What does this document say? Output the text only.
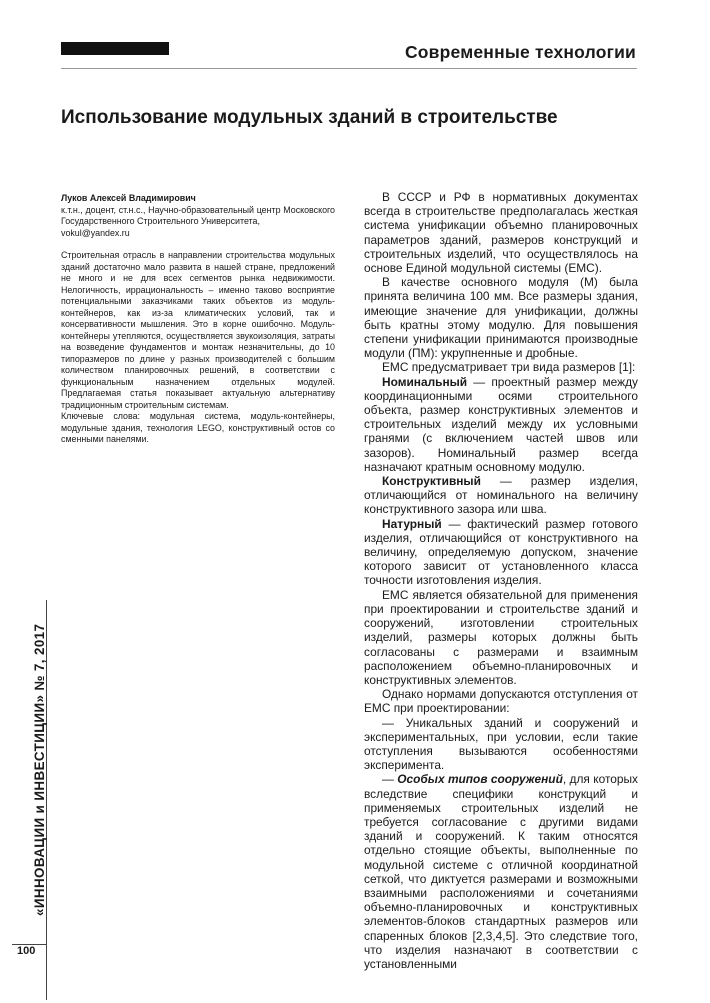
Современные технологии
Использование модульных зданий в строительстве

Луков Алексей Владимирович

к.т.н., доцент, ст.н.с., Научно-образовательный центр Московского Государственного Строительного Университета,

vokul@yandex.ru

Строительная отрасль в направлении строительства модульных зданий достаточно мало развита в нашей стране, предложений не много и не для всех сегментов рынка недвижимости. Нелогичность, иррациональность – именно таково восприятие потенциальными заказчиками таких объектов из модуль-контейнеров, как из-за климатических условий, так и консервативности мышления. Это в корне ошибочно. Модуль-контейнеры утепляются, осуществляется звукоизоляция, затраты на возведение фундаментов и монтаж незначительны, до 10 типоразмеров по длине у разных производителей с большим количеством планировочных решений, в соответствии с функциональным назначением отдельных модулей. Предлагаемая статья показывает актуальную альтернативу традиционным строительным системам.

Ключевые слова: модульная система, модуль-контейнеры, модульные здания, технология LEGO, конструктивный остов со сменными панелями.

В СССР и РФ в нормативных документах всегда в строительстве предполагалась жесткая система унификации объемно планировочных параметров зданий, размеров конструкций и строительных изделий, что осуществлялось на основе Единой модульной системы (ЕМС).

В качестве основного модуля (М) была принята величина 100 мм. Все размеры здания, имеющие значение для унификации, должны быть кратны этому модулю. Для повышения степени унификации принимаются производные модули (ПМ): укрупненные и дробные.

ЕМС предусматривает три вида размеров [1]:

Номинальный — проектный размер между координационными осями строительного объекта, размер конструктивных элементов и строительных изделий между их условными гранями (с включением частей швов или зазоров). Номинальный размер всегда назначают кратным основному модулю.

Конструктивный — размер изделия, отличающийся от номинального на величину конструктивного зазора или шва.

Натурный — фактический размер готового изделия, отличающийся от конструктивного на величину, определяемую допуском, значение которого зависит от установленного класса точности изготовления изделия.

ЕМС является обязательной для применения при проектировании и строительстве зданий и сооружений, изготовлении строительных изделий, размеры которых должны быть согласованы с размерами и взаимным расположением объемно-планировочных и конструктивных элементов.

Однако нормами допускаются отступления от ЕМС при проектировании:

— Уникальных зданий и сооружений и экспериментальных, при условии, если такие отступления вызываются особенностями эксперимента.

— Особых типов сооружений, для которых вследствие специфики конструкций и применяемых строительных изделий не требуется согласование с другими видами зданий и сооружений. К таким относятся отдельно стоящие объекты, выполненные по модульной системе с отличной координатной сеткой, что диктуется размерами и возможными взаимными расположениями и сочетаниями объемно-планировочных и конструктивных элементов-блоков стандартных размеров или спаренных блоков [2,3,4,5]. Это следствие того, что изделия назначают в соответствии с установленными

«ИННОВАЦИИ и ИНВЕСТИЦИИ» № 7, 2017
100
